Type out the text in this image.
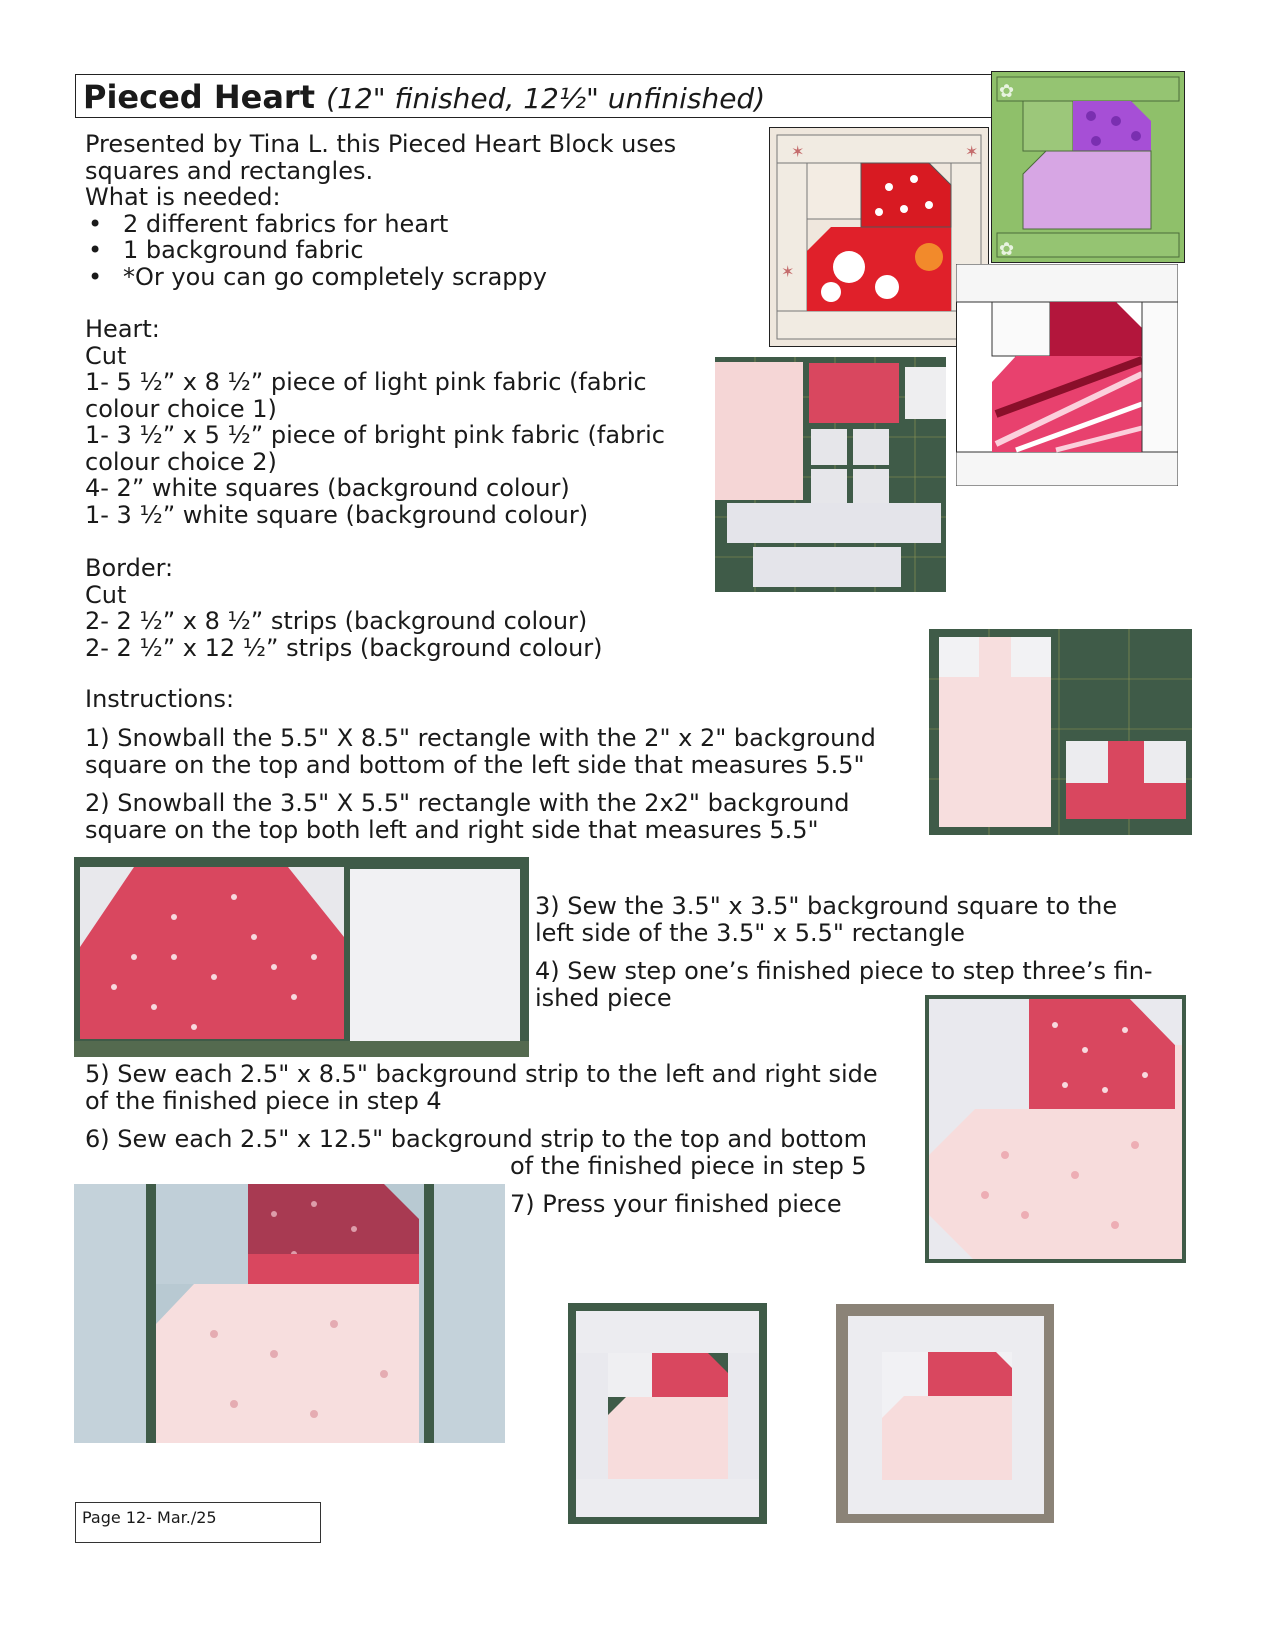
Pieced Heart (12" finished, 12½" unfinished)
Presented by Tina L. this Pieced Heart Block uses
squares and rectangles.
What is needed:
• 2 different fabrics for heart
• 1 background fabric
• *Or you can go completely scrappy
Heart:
Cut
1- 5 ½” x 8 ½” piece of light pink fabric (fabric
colour choice 1)
1- 3 ½” x 5 ½” piece of bright pink fabric (fabric
colour choice 2)
4- 2” white squares (background colour)
1- 3 ½” white square (background colour)
Border:
Cut
2- 2 ½” x 8 ½” strips (background colour)
2- 2 ½” x 12 ½” strips (background colour)
Instructions:
1) Snowball the 5.5" X 8.5" rectangle with the 2" x 2" background
square on the top and bottom of the left side that measures 5.5"
2) Snowball the 3.5" X 5.5" rectangle with the 2x2" background
square on the top both left and right side that measures 5.5"
3) Sew the 3.5" x 3.5" background square to the
left side of the 3.5" x 5.5" rectangle
4) Sew step one’s finished piece to step three’s fin-
ished piece
5) Sew each 2.5" x 8.5" background strip to the left and right side
of the finished piece in step 4
6) Sew each 2.5" x 12.5" background strip to the top and bottom
of the finished piece in step 5
7) Press your finished piece
✶	✶
✶
✿
✿
Page 12- Mar./25
